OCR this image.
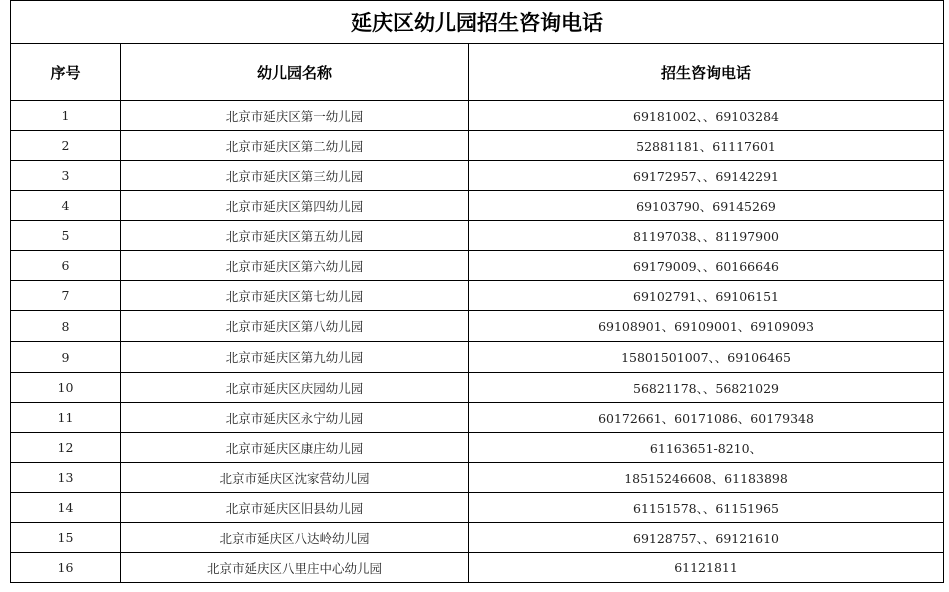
延庆区幼儿园招生咨询电话		
序号	幼儿园名称	招生咨询电话
1	北京市延庆区第一幼儿园	69181002、、69103284
2	北京市延庆区第二幼儿园	52881181、61117601
3	北京市延庆区第三幼儿园	69172957、、69142291
4	北京市延庆区第四幼儿园	69103790、69145269
5	北京市延庆区第五幼儿园	81197038、、81197900
6	北京市延庆区第六幼儿园	69179009、、60166646
7	北京市延庆区第七幼儿园	69102791、、69106151
8	北京市延庆区第八幼儿园	69108901、69109001、69109093
9	北京市延庆区第九幼儿园	15801501007、、69106465
10	北京市延庆区庆园幼儿园	56821178、、56821029
11	北京市延庆区永宁幼儿园	60172661、60171086、60179348
12	北京市延庆区康庄幼儿园	61163651-8210、
13	北京市延庆区沈家营幼儿园	18515246608、61183898
14	北京市延庆区旧县幼儿园	61151578、、61151965
15	北京市延庆区八达岭幼儿园	69128757、、69121610
16	北京市延庆区八里庄中心幼儿园	61121811
